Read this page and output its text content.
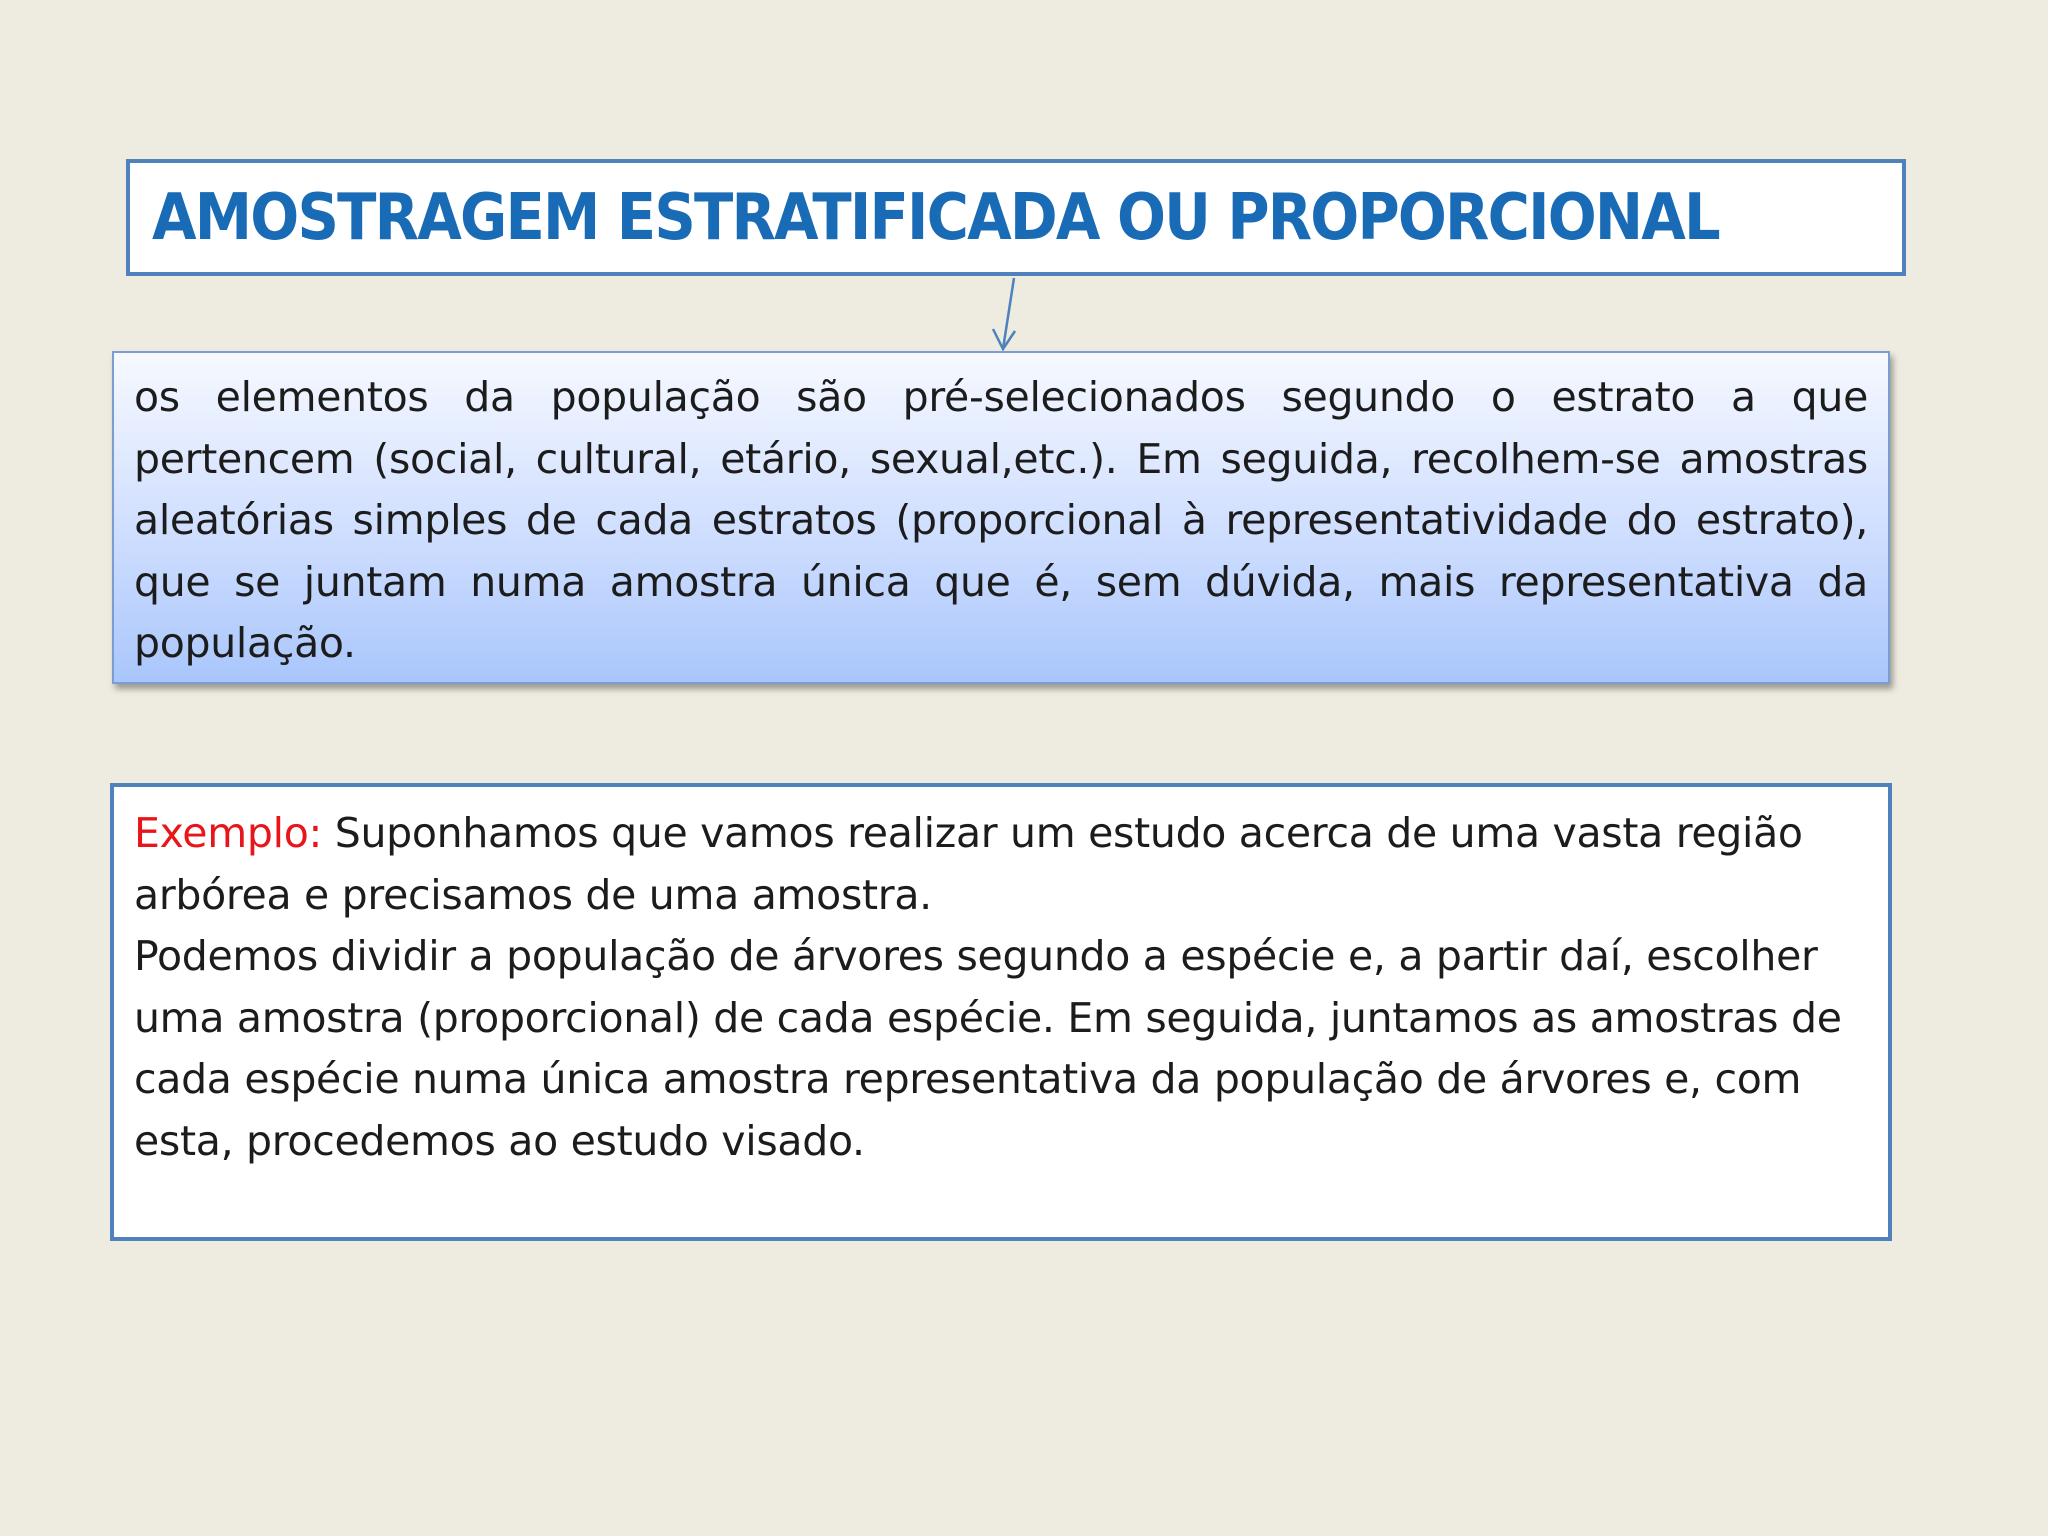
AMOSTRAGEM ESTRATIFICADA OU PROPORCIONAL

os elementos da população são pré-selecionados segundo o estrato a que pertencem (social, cultural, etário, sexual,etc.). Em seguida, recolhem-se amostras aleatórias simples de cada estratos (proporcional à representatividade do estrato), que se juntam numa amostra única que é, sem dúvida, mais representativa da população.

Exemplo: Suponhamos que vamos realizar um estudo acerca de uma vasta região arbórea e precisamos de uma amostra.

Podemos dividir a população de árvores segundo a espécie e, a partir daí, escolher uma amostra (proporcional) de cada espécie. Em seguida, juntamos as amostras de cada espécie numa única amostra representativa da população de árvores e, com esta, procedemos ao estudo visado.
